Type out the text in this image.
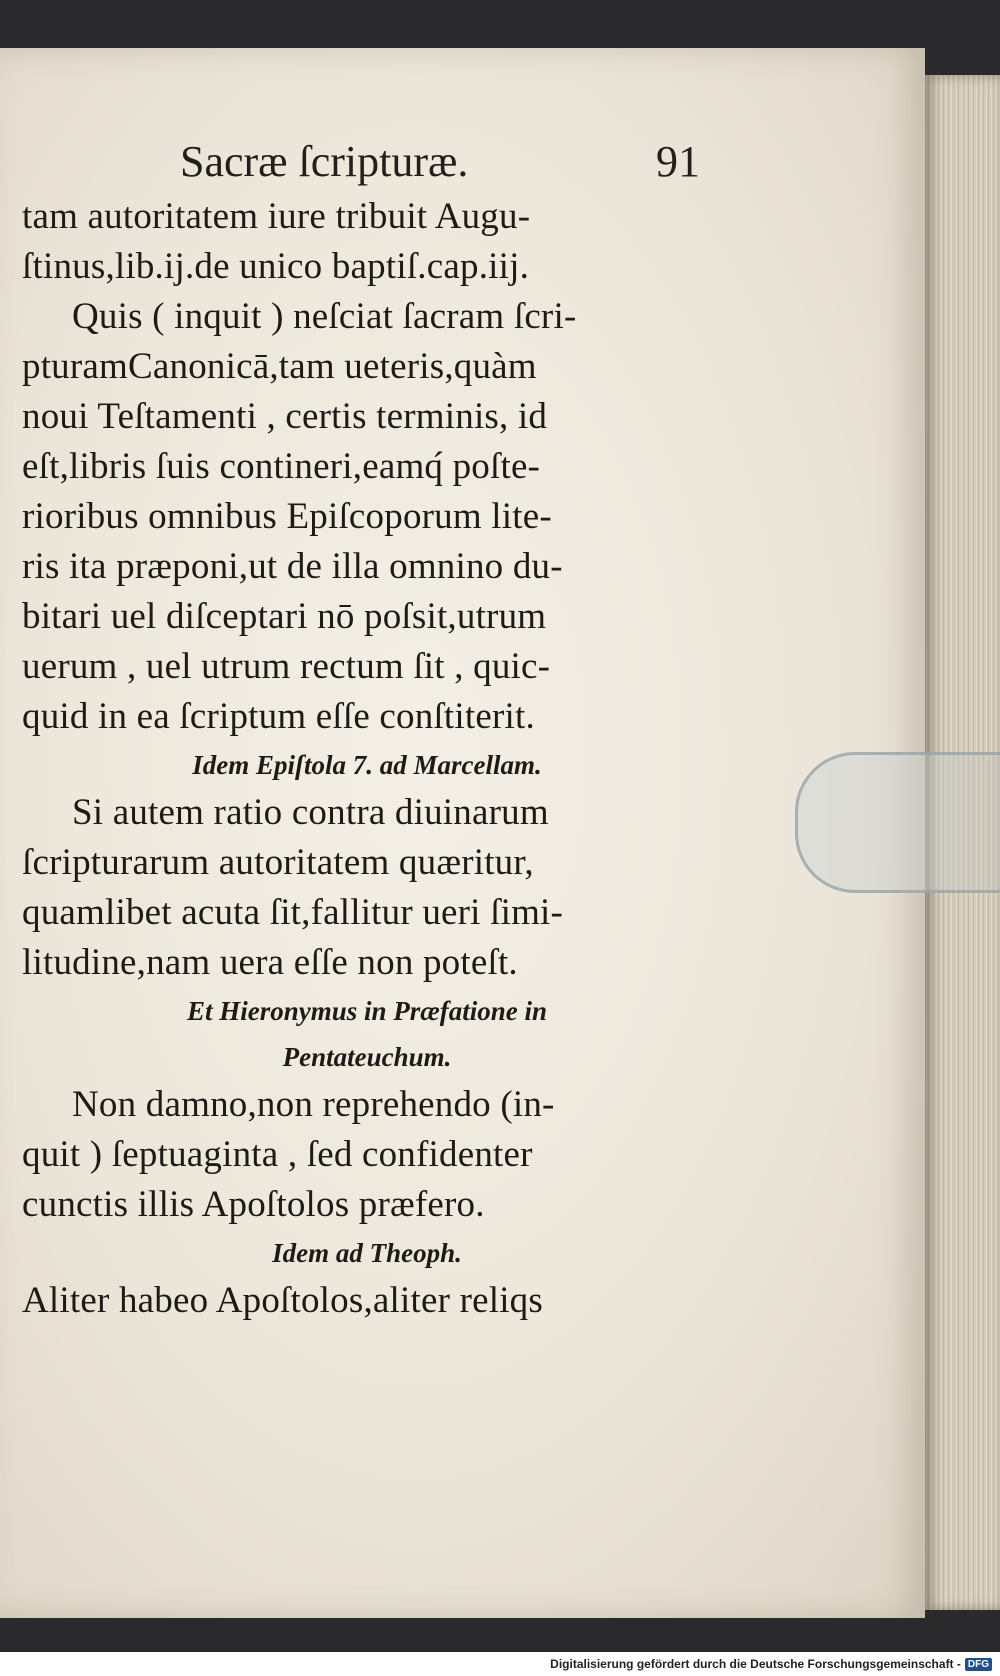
Sacræ ſcripturæ.	91
tam autoritatem iure tribuit Augu-
ſtinus,lib.ij.de unico baptiſ.cap.iij.
Quis ( inquit ) neſciat ſacram ſcri-
pturamCanonicā,tam ueteris,quàm
noui Teſtamenti , certis terminis, id
eſt,libris ſuis contineri,eamq́ poſte-
rioribus omnibus Epiſcoporum lite-
ris ita præponi,ut de illa omnino du-
bitari uel diſceptari nō poſsit,utrum
uerum , uel utrum rectum ſit , quic-
quid in ea ſcriptum eſſe conſtiterit.
Idem Epiſtola 7. ad Marcellam.
Si autem ratio contra diuinarum
ſcripturarum autoritatem quæritur,
quamlibet acuta ſit,fallitur ueri ſimi-
litudine,nam uera eſſe non poteſt.
Et Hieronymus in Præfatione in
Pentateuchum.
Non damno,non reprehendo (in-
quit ) ſeptuaginta , ſed confidenter
cunctis illis Apoſtolos præfero.
Idem ad Theoph.
Aliter habeo Apoſtolos,aliter reliqs
Digitalisierung gefördert durch die Deutsche Forschungsgemeinschaft - DFG
